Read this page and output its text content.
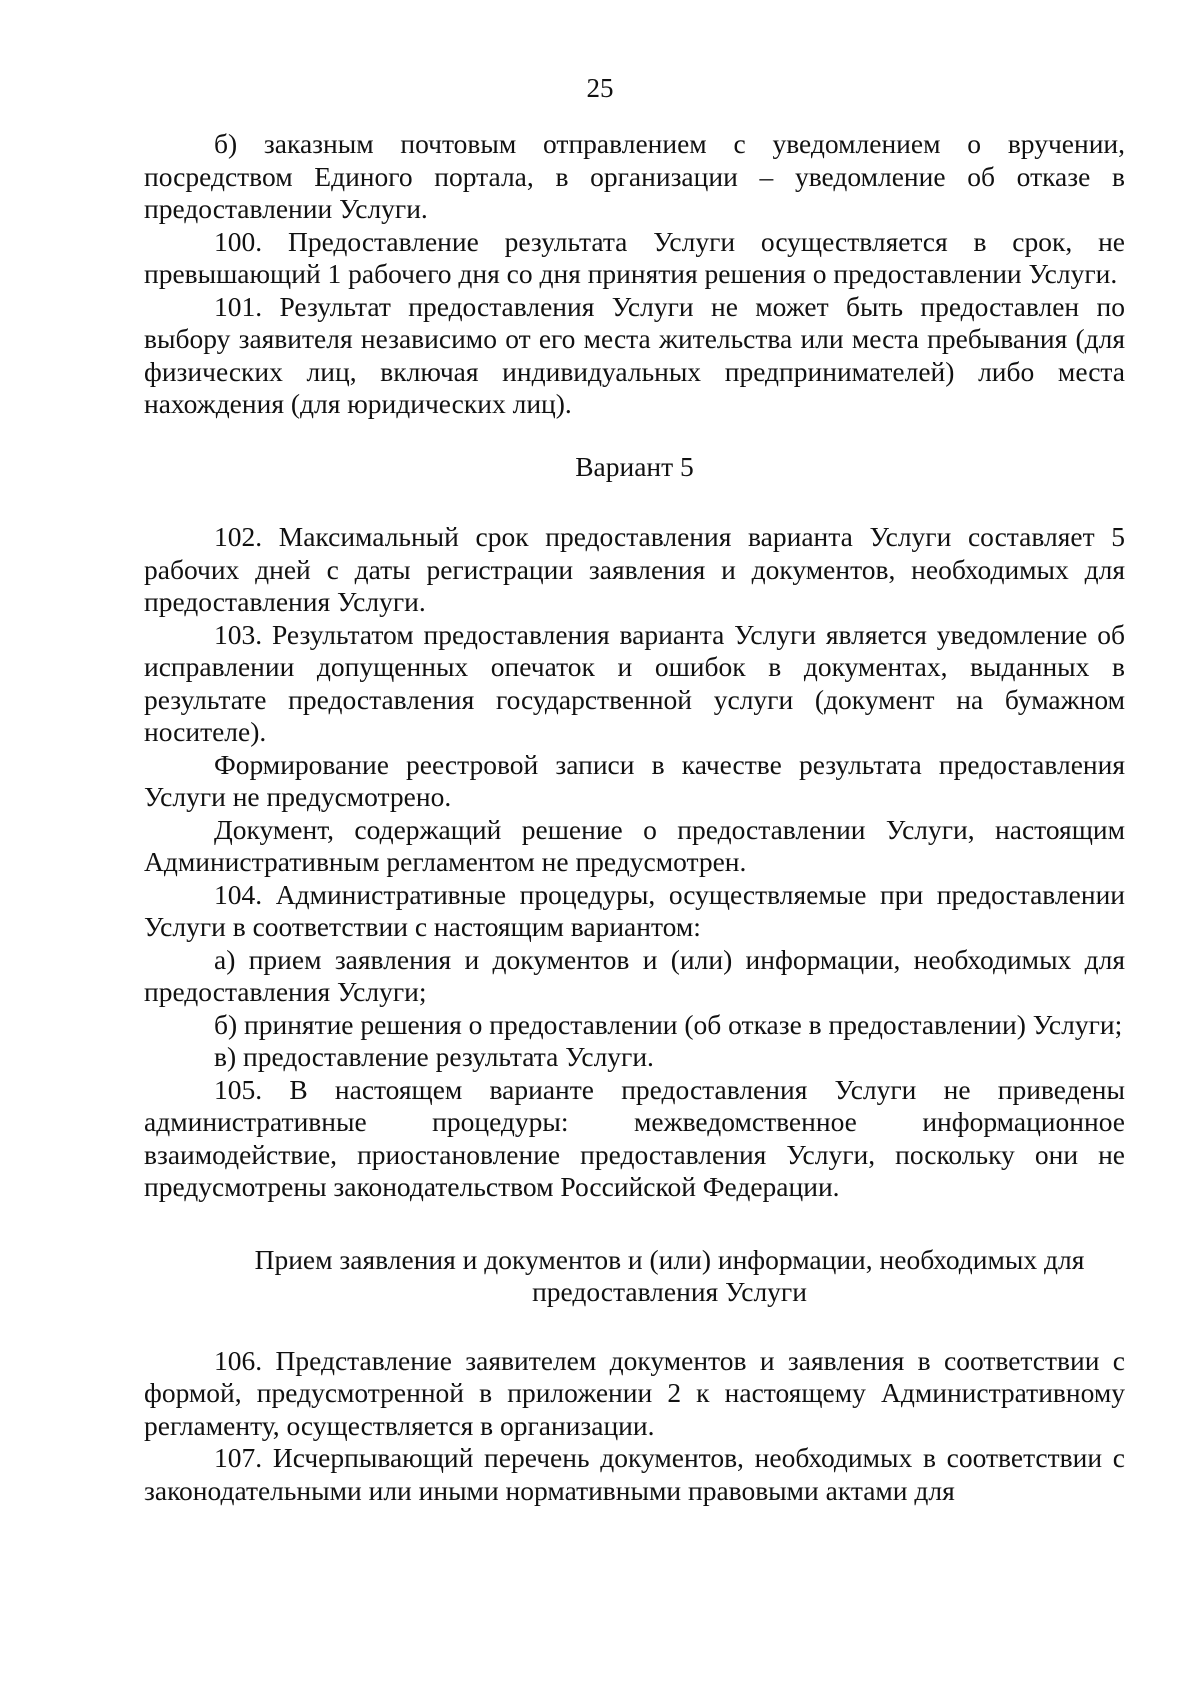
25

б) заказным почтовым отправлением с уведомлением о вручении, посредством Единого портала, в организации – уведомление об отказе в предоставлении Услуги.

100. Предоставление результата Услуги осуществляется в срок, не превышающий 1 рабочего дня со дня принятия решения о предоставлении Услуги.

101. Результат предоставления Услуги не может быть предоставлен по выбору заявителя независимо от его места жительства или места пребывания (для физических лиц, включая индивидуальных предпринимателей) либо места нахождения (для юридических лиц).

Вариант 5

102. Максимальный срок предоставления варианта Услуги составляет 5 рабочих дней с даты регистрации заявления и документов, необходимых для предоставления Услуги.

103. Результатом предоставления варианта Услуги является уведомление об исправлении допущенных опечаток и ошибок в документах, выданных в результате предоставления государственной услуги (документ на бумажном носителе).

Формирование реестровой записи в качестве результата предоставления Услуги не предусмотрено.

Документ, содержащий решение о предоставлении Услуги, настоящим Административным регламентом не предусмотрен.

104. Административные процедуры, осуществляемые при предоставлении Услуги в соответствии с настоящим вариантом:

а) прием заявления и документов и (или) информации, необходимых для предоставления Услуги;

б) принятие решения о предоставлении (об отказе в предоставлении) Услуги;

в) предоставление результата Услуги.

105. В настоящем варианте предоставления Услуги не приведены административные процедуры: межведомственное информационное взаимодействие, приостановление предоставления Услуги, поскольку они не предусмотрены законодательством Российской Федерации.

Прием заявления и документов и (или) информации, необходимых для

предоставления Услуги

106. Представление заявителем документов и заявления в соответствии с формой, предусмотренной в приложении 2 к настоящему Административному регламенту, осуществляется в организации.

107. Исчерпывающий перечень документов, необходимых в соответствии с законодательными или иными нормативными правовыми актами для
